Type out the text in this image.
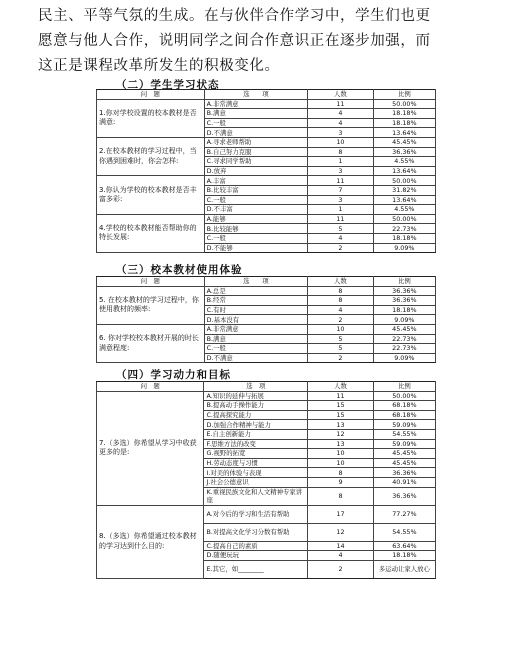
民主、平等气氛的生成。在与伙伴合作学习中，学生们也更
愿意与他人合作，说明同学之间合作意识正在逐步加强，而
这正是课程改革所发生的积极变化。
（二）学生学习状态
问　题	选　　项	人数	比例
1.你对学校设置的校本教材是否满意:	A.非常满意	11	50.00%
	B.满意	4	18.18%
	C.一般	4	18.18%
	D.不满意	3	13.64%
2.在校本教材的学习过程中，当你遇到困难时，你会怎样:	A.寻求老师帮助	10	45.45%
	B.自己努力克服	8	36.36%
	C.寻求同学帮助	1	4.55%
	D.放弃	3	13.64%
3.你认为学校的校本教材是否丰富多彩:	A.丰富	11	50.00%
	B.比较丰富	7	31.82%
	C.一般	3	13.64%
	D.不丰富	1	4.55%
4.学校的校本教材能否帮助你的特长发展:	A.能够	11	50.00%
	B.比较能够	5	22.73%
	C.一般	4	18.18%
	D.不能够	2	9.09%
（三）校本教材使用体验
问　题	选　　项	人数	比例
5. 在校本教材的学习过程中，你使用教材的频率:	A.总是	8	36.36%
	B.经常	8	36.36%
	C.有时	4	18.18%
	D.基本没有	2	9.09%
6. 你对学校校本教材开展的时长满意程度:	A.非常满意	10	45.45%
	B.满意	5	22.73%
	C.一般	5	22.73%
	D.不满意	2	9.09%
（四）学习动力和目标
问　题	选　项	人数	比例
7.（多选）你希望从学习中收获更多的是:	A.知识的延伸与拓展	11	50.00%
	B.提高动手操作能力	15	68.18%
	C.提高探究能力	15	68.18%
	D.加强合作精神与能力	13	59.09%
	E.自主创新能力	12	54.55%
	F.思维方法的改变	13	59.09%
	G.视野的拓宽	10	45.45%
	H.劳动态度与习惯	10	45.45%
	I.对美的体验与表现	8	36.36%
	J.社会公德意识	9	40.91%
	K.重视民族文化和人文精神专家讲座	8	36.36%
8.（多选）你希望通过校本教材的学习达到什么目的:	A.对今后的学习和生活有帮助	17	77.27%
	B.对提高文化学习分数有帮助	12	54.55%
	C.提高自己的素质	14	63.64%
	D.随便玩玩	4	18.18%
	E.其它，如________	2	多运动让家人放心
